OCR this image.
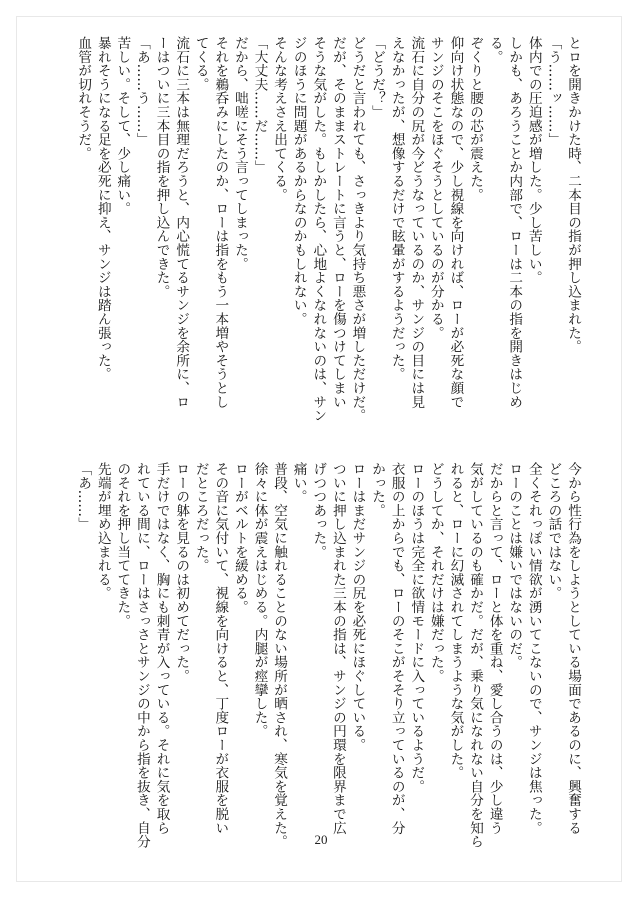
とロを開きかけた時、二本目の指が押し込まれた。
「う……ッ……」
体内での圧迫感が増した。少し苦しい。
しかも、あろうことか内部で、ローは二本の指を開きはじめ
る。
ぞくりと腰の芯が震えた。
仰向け状態なので、少し視線を向ければ、ローが必死な顔で
サンジのそこをほぐそうとしているのが分かる。
流石に自分の尻が今どうなっているのか、サンジの目には見
えなかったが、想像するだけで眩暈がするようだった。
「どうだ？」
どうだと言われても、さっきより気持ち悪さが増しただけだ。
だが、そのままストレートに言うと、ローを傷つけてしまい
そうな気がした。もしかしたら、心地よくなれないのは、サン
ジのほうに問題があるからなのかもしれない。
そんな考えさえ出てくる。
「大丈夫……だ……」
だから、咄嗟にそう言ってしまった。
それを鵜呑みにしたのか、ローは指をもう一本増やそうとし
てくる。
流石に三本は無理だろうと、内心慌てるサンジを余所に、ロ
ーはついに三本目の指を押し込んできた。
「あ……う……」
苦しい。そして、少し痛い。
暴れそうになる足を必死に抑え、サンジは踏ん張った。
血管が切れそうだ。
今から性行為をしようとしている場面であるのに、興奮する
どころの話ではない。
全くそれっぽい情欲が湧いてこないので、サンジは焦った。
ローのことは嫌いではないのだ。
だからと言って、ローと体を重ね、愛し合うのは、少し違う
気がしているのも確かだ。だが、乗り気になれない自分を知ら
れると、ローに幻滅されてしまうような気がした。
どうしてか、それだけは嫌だった。
ローのほうは完全に欲情モードに入っているようだ。
衣服の上からでも、ローのそこがそそり立っているのが、分
かった。
ローはまだサンジの尻を必死にほぐしている。
ついに押し込まれた三本の指は、サンジの円環を限界まで広
げつつあった。
痛い。
普段、空気に触れることのない場所が晒され、寒気を覚えた。
徐々に体が震えはじめる。内腿が痙攣した。
ローがベルトを緩める。
その音に気付いて、視線を向けると、丁度ローが衣服を脱い
だところだった。
ローの躰を見るのは初めてだった。
手だけではなく、胸にも刺青が入っている。それに気を取ら
れている間に、ローはさっさとサンジの中から指を抜き、自分
のそれを押し当ててきた。
先端が埋め込まれる。
「あ……」
20
